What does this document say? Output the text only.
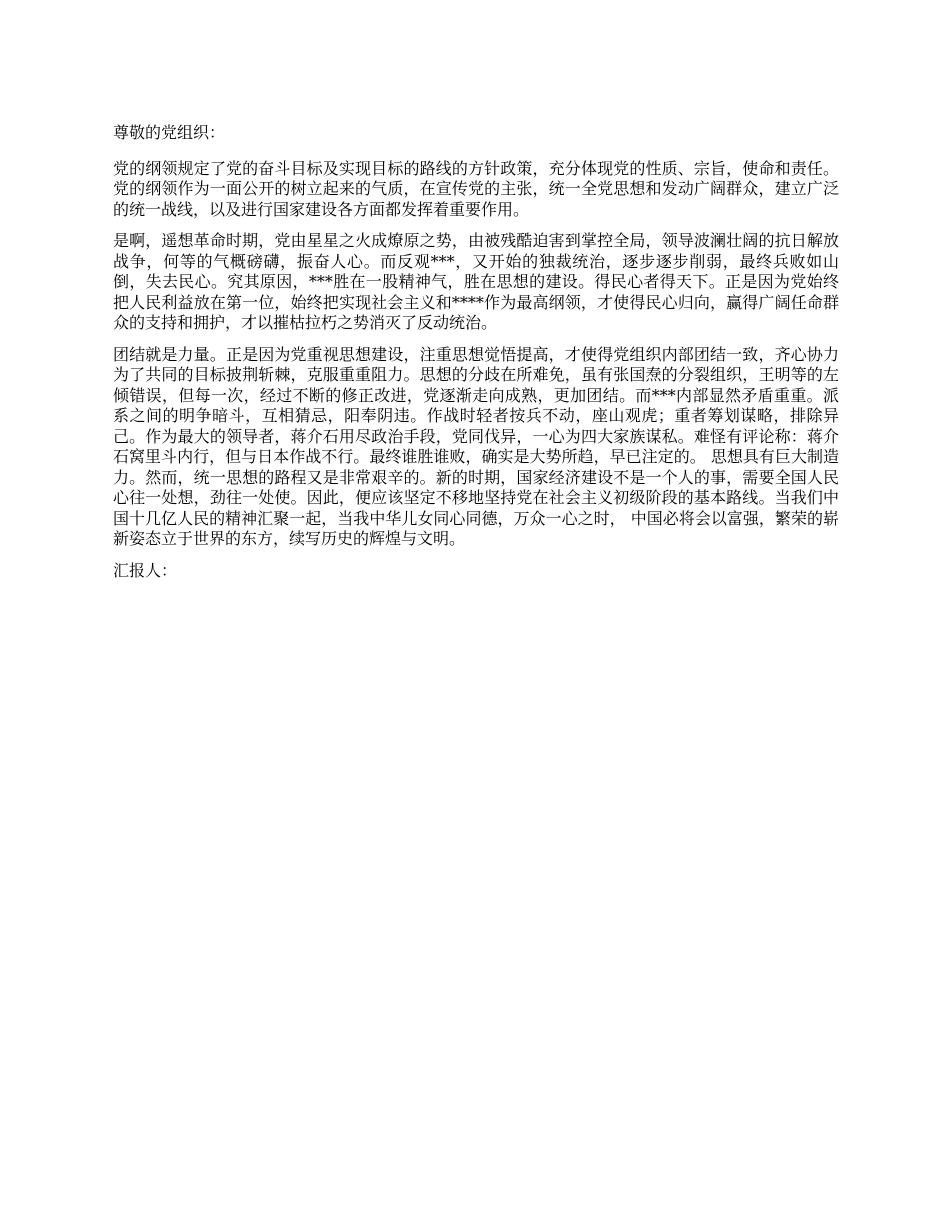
尊敬的党组织：

党的纲领规定了党的奋斗目标及实现目标的路线的方针政策，充分体现党的性质、宗旨，使命和责任。党的纲领作为一面公开的树立起来的气质，在宣传党的主张，统一全党思想和发动广阔群众，建立广泛的统一战线，以及进行国家建设各方面都发挥着重要作用。

是啊，遥想革命时期，党由星星之火成燎原之势，由被残酷迫害到掌控全局，领导波澜壮阔的抗日解放战争，何等的气概磅礴，振奋人心。而反观***，又开始的独裁统治，逐步逐步削弱，最终兵败如山倒，失去民心。究其原因，***胜在一股精神气，胜在思想的建设。得民心者得天下。正是因为党始终把人民利益放在第一位，始终把实现社会主义和****作为最高纲领，才使得民心归向，赢得广阔任命群众的支持和拥护，才以摧枯拉朽之势消灭了反动统治。

团结就是力量。正是因为党重视思想建设，注重思想觉悟提高，才使得党组织内部团结一致，齐心协力为了共同的目标披荆斩棘，克服重重阻力。思想的分歧在所难免，虽有张国焘的分裂组织，王明等的左倾错误，但每一次，经过不断的修正改进，党逐渐走向成熟，更加团结。而***内部显然矛盾重重。派系之间的明争暗斗，互相猜忌，阳奉阴违。作战时轻者按兵不动，座山观虎；重者筹划谋略，排除异己。作为最大的领导者，蒋介石用尽政治手段，党同伐异，一心为四大家族谋私。难怪有评论称：蒋介石窝里斗内行，但与日本作战不行。最终谁胜谁败，确实是大势所趋，早已注定的。 思想具有巨大制造力。然而，统一思想的路程又是非常艰辛的。新的时期，国家经济建设不是一个人的事，需要全国人民心往一处想，劲往一处使。因此，便应该坚定不移地坚持党在社会主义初级阶段的基本路线。当我们中国十几亿人民的精神汇聚一起，当我中华儿女同心同德，万众一心之时， 中国必将会以富强，繁荣的崭新姿态立于世界的东方，续写历史的辉煌与文明。

汇报人：
